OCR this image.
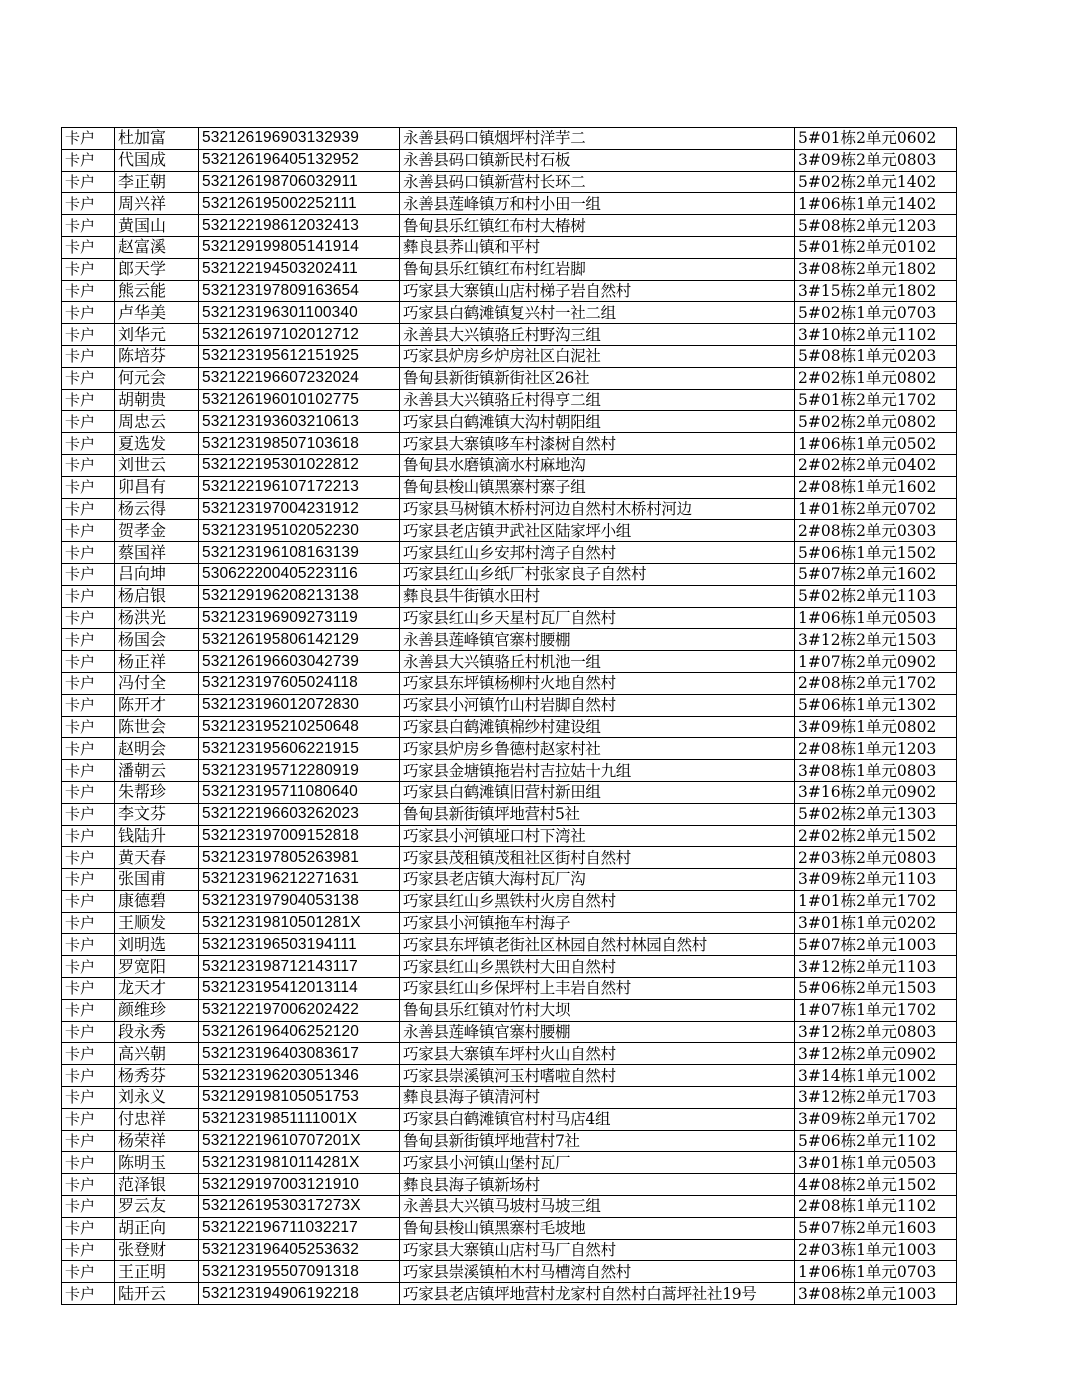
卡户	杜加富	532126196903132939	永善县码口镇烟坪村洋芋二	5#01栋2单元0602
卡户	代国成	532126196405132952	永善县码口镇新民村石板	3#09栋2单元0803
卡户	李正朝	532126198706032911	永善县码口镇新营村长环二	5#02栋2单元1402
卡户	周兴祥	532126195002252111	永善县莲峰镇万和村小田一组	1#06栋1单元1402
卡户	黄国山	532122198612032413	鲁甸县乐红镇红布村大椿树	5#08栋2单元1203
卡户	赵富溪	532129199805141914	彝良县荞山镇和平村	5#01栋2单元0102
卡户	郎天学	532122194503202411	鲁甸县乐红镇红布村红岩脚	3#08栋2单元1802
卡户	熊云能	532123197809163654	巧家县大寨镇山店村梯子岩自然村	3#15栋2单元1802
卡户	卢华美	532123196301100340	巧家县白鹤滩镇复兴村一社二组	5#02栋1单元0703
卡户	刘华元	532126197102012712	永善县大兴镇骆丘村野沟三组	3#10栋2单元1102
卡户	陈培芬	532123195612151925	巧家县炉房乡炉房社区白泥社	5#08栋1单元0203
卡户	何元会	532122196607232024	鲁甸县新街镇新街社区26社	2#02栋1单元0802
卡户	胡朝贵	532126196010102775	永善县大兴镇骆丘村得亨二组	5#01栋2单元1702
卡户	周忠云	532123193603210613	巧家县白鹤滩镇大沟村朝阳组	5#02栋2单元0802
卡户	夏选发	532123198507103618	巧家县大寨镇哆车村漆树自然村	1#06栋1单元0502
卡户	刘世云	532122195301022812	鲁甸县水磨镇滴水村麻地沟	2#02栋2单元0402
卡户	卯昌有	532122196107172213	鲁甸县梭山镇黑寨村寨子组	2#08栋1单元1602
卡户	杨云得	532123197004231912	巧家县马树镇木桥村河边自然村木桥村河边	1#01栋2单元0702
卡户	贺孝金	532123195102052230	巧家县老店镇尹武社区陆家坪小组	2#08栋2单元0303
卡户	蔡国祥	532123196108163139	巧家县红山乡安邦村湾子自然村	5#06栋1单元1502
卡户	吕向坤	530622200405223116	巧家县红山乡纸厂村张家良子自然村	5#07栋2单元1602
卡户	杨启银	532129196208213138	彝良县牛街镇水田村	5#02栋2单元1103
卡户	杨洪光	532123196909273119	巧家县红山乡天星村瓦厂自然村	1#06栋1单元0503
卡户	杨国会	532126195806142129	永善县莲峰镇官寨村腰棚	3#12栋2单元1503
卡户	杨正祥	532126196603042739	永善县大兴镇骆丘村机池一组	1#07栋2单元0902
卡户	冯付全	532123197605024118	巧家县东坪镇杨柳村火地自然村	2#08栋2单元1702
卡户	陈开才	532123196012072830	巧家县小河镇竹山村岩脚自然村	5#06栋1单元1302
卡户	陈世会	532123195210250648	巧家县白鹤滩镇棉纱村建设组	3#09栋1单元0802
卡户	赵明会	532123195606221915	巧家县炉房乡鲁德村赵家村社	2#08栋1单元1203
卡户	潘朝云	532123195712280919	巧家县金塘镇拖岩村吉拉姑十九组	3#08栋1单元0803
卡户	朱帮珍	532123195711080640	巧家县白鹤滩镇旧营村新田组	3#16栋2单元0902
卡户	李文芬	532122196603262023	鲁甸县新街镇坪地营村5社	5#02栋2单元1303
卡户	钱陆升	532123197009152818	巧家县小河镇垭口村下湾社	2#02栋2单元1502
卡户	黄天春	532123197805263981	巧家县茂租镇茂租社区街村自然村	2#03栋2单元0803
卡户	张国甫	532123196212271631	巧家县老店镇大海村瓦厂沟	3#09栋2单元1103
卡户	康德碧	532123197904053138	巧家县红山乡黑铁村火房自然村	1#01栋2单元1702
卡户	王顺发	53212319810501281X	巧家县小河镇拖车村海子	3#01栋1单元0202
卡户	刘明选	532123196503194111	巧家县东坪镇老街社区林园自然村林园自然村	5#07栋2单元1003
卡户	罗宽阳	532123198712143117	巧家县红山乡黑铁村大田自然村	3#12栋2单元1103
卡户	龙天才	532123195412013114	巧家县红山乡保坪村上丰岩自然村	5#06栋2单元1503
卡户	颜维珍	532122197006202422	鲁甸县乐红镇对竹村大坝	1#07栋1单元1702
卡户	段永秀	532126196406252120	永善县莲峰镇官寨村腰棚	3#12栋2单元0803
卡户	高兴朝	532123196403083617	巧家县大寨镇车坪村火山自然村	3#12栋2单元0902
卡户	杨秀芬	532123196203051346	巧家县崇溪镇河玉村嗜啦自然村	3#14栋1单元1002
卡户	刘永义	532129198105051753	彝良县海子镇清河村	3#12栋2单元1703
卡户	付忠祥	53212319851111001X	巧家县白鹤滩镇官村村马店4组	3#09栋2单元1702
卡户	杨荣祥	53212219610707201X	鲁甸县新街镇坪地营村7社	5#06栋2单元1102
卡户	陈明玉	53212319810114281X	巧家县小河镇山堡村瓦厂	3#01栋1单元0503
卡户	范泽银	532129197003121910	彝良县海子镇新场村	4#08栋2单元1502
卡户	罗云友	53212619530317273X	永善县大兴镇马坡村马坡三组	2#08栋1单元1102
卡户	胡正向	532122196711032217	鲁甸县梭山镇黑寨村毛坡地	5#07栋2单元1603
卡户	张登财	532123196405253632	巧家县大寨镇山店村马厂自然村	2#03栋1单元1003
卡户	王正明	532123195507091318	巧家县崇溪镇柏木村马槽湾自然村	1#06栋1单元0703
卡户	陆开云	532123194906192218	巧家县老店镇坪地营村龙家村自然村白蒿坪社社19号	3#08栋2单元1003
